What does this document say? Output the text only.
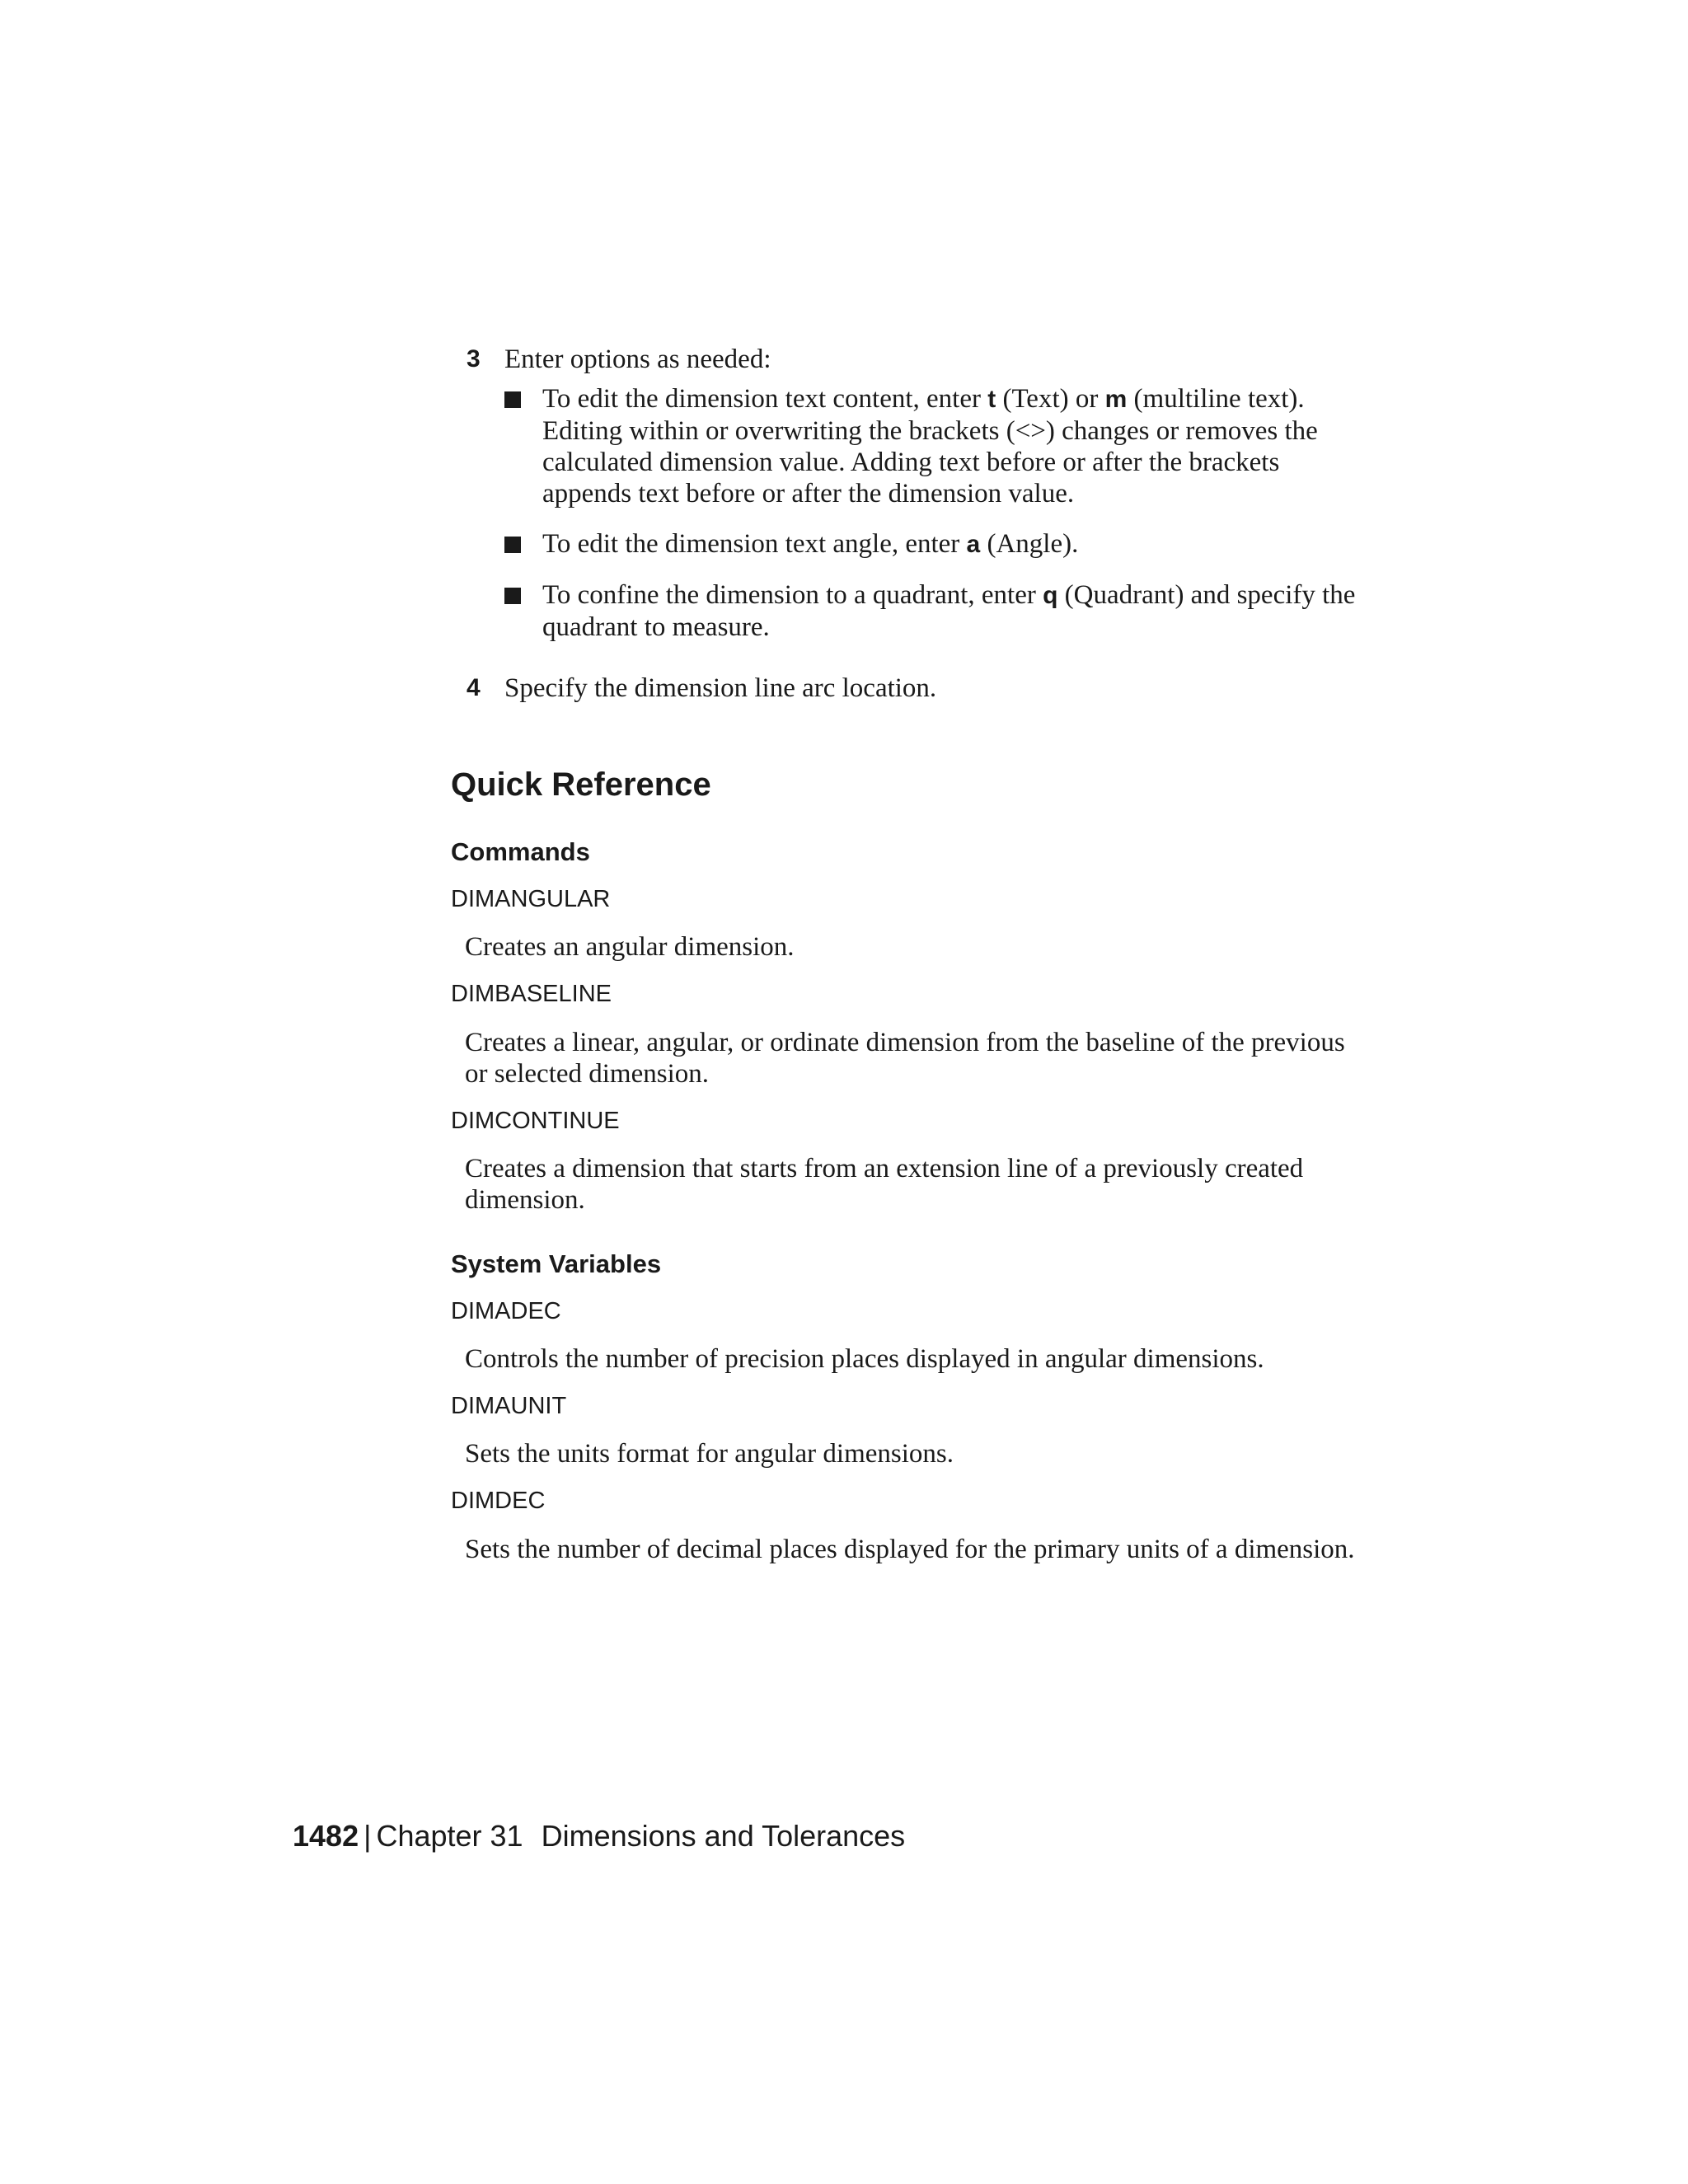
3 Enter options as needed:
To edit the dimension text content, enter t (Text) or m (multiline text). Editing within or overwriting the brackets (<>) changes or removes the calculated dimension value. Adding text before or after the brackets appends text before or after the dimension value.
To edit the dimension text angle, enter a (Angle).
To confine the dimension to a quadrant, enter q (Quadrant) and specify the quadrant to measure.
4 Specify the dimension line arc location.
Quick Reference
Commands
DIMANGULAR
Creates an angular dimension.
DIMBASELINE
Creates a linear, angular, or ordinate dimension from the baseline of the previous or selected dimension.
DIMCONTINUE
Creates a dimension that starts from an extension line of a previously created dimension.
System Variables
DIMADEC
Controls the number of precision places displayed in angular dimensions.
DIMAUNIT
Sets the units format for angular dimensions.
DIMDEC
Sets the number of decimal places displayed for the primary units of a dimension.
1482 | Chapter 31 Dimensions and Tolerances
